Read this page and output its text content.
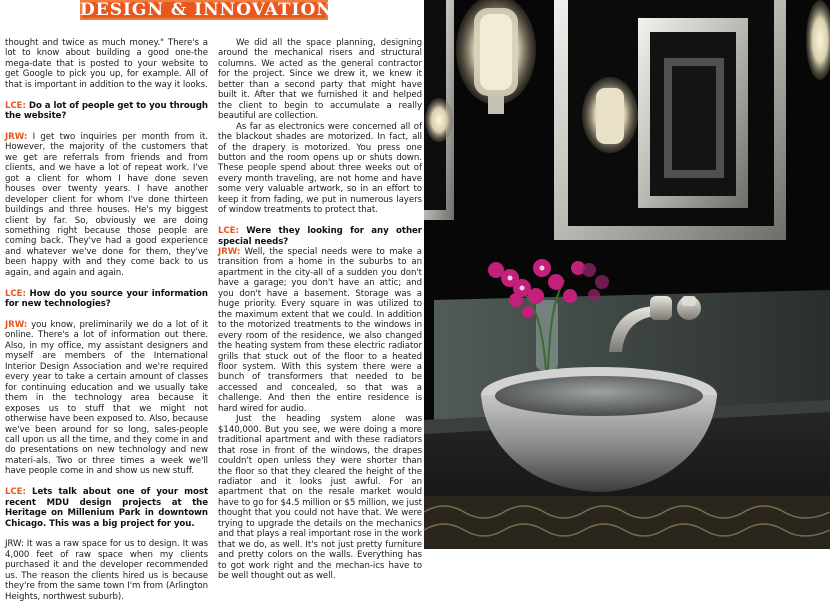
DESIGN & INNOVATION

thought and twice as much money." There's a lot to know about building a good one-the mega-date that is posted to your website to get Google to pick you up, for example. All of that is important in addition to the way it looks.

LCE: Do a lot of people get to you through the website?

JRW: I get two inquiries per month from it. However, the majority of the customers that we get are referrals from friends and from clients, and we have a lot of repeat work. I've got a client for whom I have done seven houses over twenty years. I have another developer client for whom I've done thirteen buildings and three houses. He's my biggest client by far. So, obviously we are doing something right because those people are coming back. They've had a good experience and whatever we've done for them, they've been happy with and they come back to us again, and again and again.

LCE: How do you source your information for new technologies?

JRW: you know, preliminarily we do a lot of it online. There's a lot of information out there. Also, in my office, my assistant designers and myself are members of the International Interior Design Association and we're required every year to take a certain amount of classes for continuing education and we usually take them in the technology area because it exposes us to stuff that we might not otherwise have been exposed to. Also, because we've been around for so long, sales-people call upon us all the time, and they come in and do presentations on new technology and new materi-als. Two or three times a week we'll have people come in and show us new stuff.

LCE: Lets talk about one of your most recent MDU design projects at the Heritage on Millenium Park in downtown Chicago. This was a big project for you.

JRW: It was a raw space for us to design. It was 4,000 feet of raw space when my clients purchased it and the developer recommended us. The reason the clients hired us is because they're from the same town I'm from (Arlington Heights, northwest suburb).

We did all the space planning, designing around the mechanical risers and structural columns. We acted as the general contractor for the project. Since we drew it, we knew it better than a second party that might have built it. After that we furnished it and helped the client to begin to accumulate a really beautiful are collection.

As far as electronics were concerned all of the blackout shades are motorized. In fact, all of the drapery is motorized. You press one button and the room opens up or shuts down. These people spend about three weeks out of every month traveling, are not home and have some very valuable artwork, so in an effort to keep it from fading, we put in numerous layers of window treatments to protect that.

LCE: Were they looking for any other special needs?

JRW: Well, the special needs were to make a transition from a home in the suburbs to an apartment in the city-all of a sudden you don't have a garage; you don't have an attic; and you don't have a basement. Storage was a huge priority. Every square in was utilized to the maximum extent that we could. In addition to the motorized treatments to the windows in every room of the residence, we also changed the heating system from these electric radiator grills that stuck out of the floor to a heated floor system. With this system there were a bunch of transformers that needed to be accessed and concealed, so that was a challenge. And then the entire residence is hard wired for audio.

Just the heading system alone was $140,000. But you see, we were doing a more traditional apartment and with these radiators that rose in front of the windows, the drapes couldn't open unless they were shorter than the floor so that they cleared the height of the radiator and it looks just awful. For an apartment that on the resale market would have to go for $4.5 million or $5 million, we just thought that you could not have that. We were trying to upgrade the details on the mechanics and that plays a real important rose in the work that we do, as well. It's not just pretty furniture and pretty colors on the walls. Everything has to got work right and the mechan-ics have to be well thought out as well.
